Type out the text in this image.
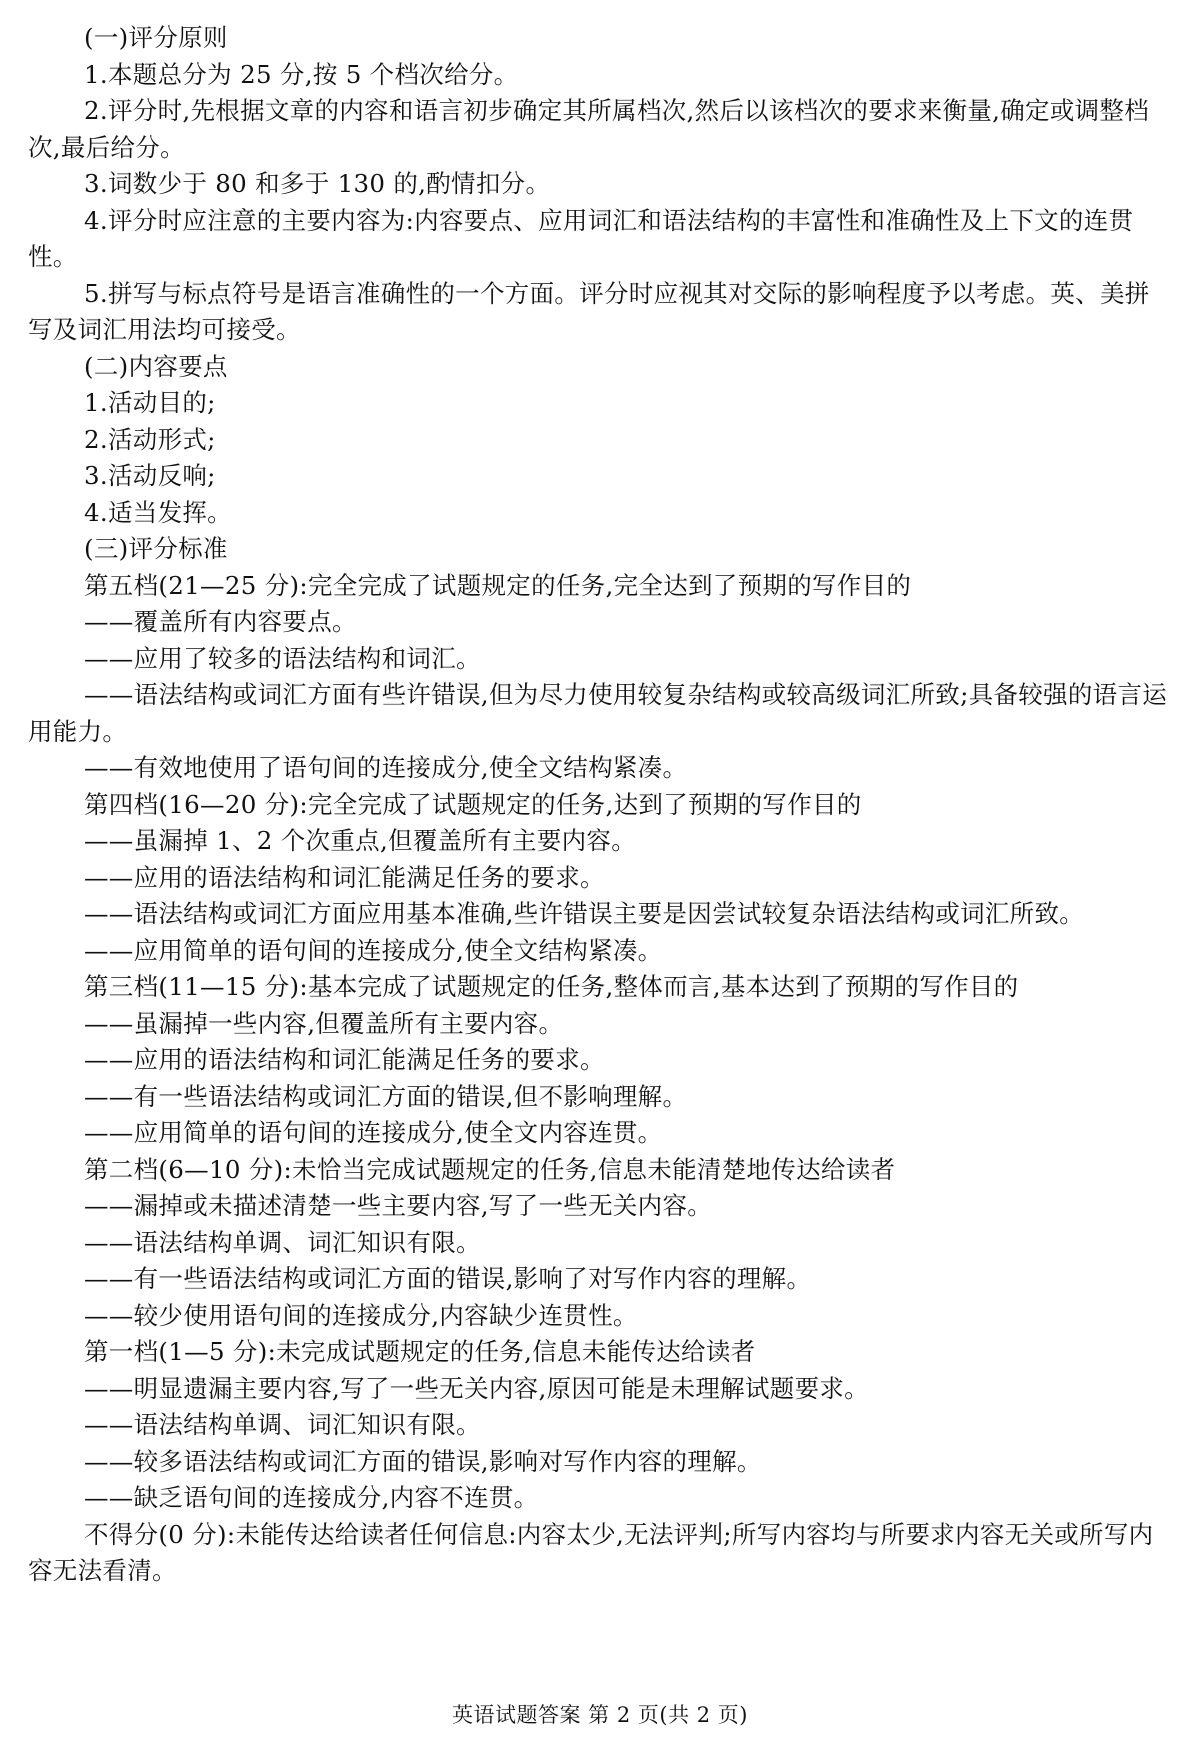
(一)评分原则
1.本题总分为 25 分,按 5 个档次给分。
2.评分时,先根据文章的内容和语言初步确定其所属档次,然后以该档次的要求来衡量,确定或调整档次,最后给分。
3.词数少于 80 和多于 130 的,酌情扣分。
4.评分时应注意的主要内容为:内容要点、应用词汇和语法结构的丰富性和准确性及上下文的连贯性。
5.拼写与标点符号是语言准确性的一个方面。评分时应视其对交际的影响程度予以考虑。英、美拼写及词汇用法均可接受。
(二)内容要点
1.活动目的;
2.活动形式;
3.活动反响;
4.适当发挥。
(三)评分标准
第五档(21—25 分):完全完成了试题规定的任务,完全达到了预期的写作目的
——覆盖所有内容要点。
——应用了较多的语法结构和词汇。
——语法结构或词汇方面有些许错误,但为尽力使用较复杂结构或较高级词汇所致;具备较强的语言运用能力。
——有效地使用了语句间的连接成分,使全文结构紧凑。
第四档(16—20 分):完全完成了试题规定的任务,达到了预期的写作目的
——虽漏掉 1、2 个次重点,但覆盖所有主要内容。
——应用的语法结构和词汇能满足任务的要求。
——语法结构或词汇方面应用基本准确,些许错误主要是因尝试较复杂语法结构或词汇所致。
——应用简单的语句间的连接成分,使全文结构紧凑。
第三档(11—15 分):基本完成了试题规定的任务,整体而言,基本达到了预期的写作目的
——虽漏掉一些内容,但覆盖所有主要内容。
——应用的语法结构和词汇能满足任务的要求。
——有一些语法结构或词汇方面的错误,但不影响理解。
——应用简单的语句间的连接成分,使全文内容连贯。
第二档(6—10 分):未恰当完成试题规定的任务,信息未能清楚地传达给读者
——漏掉或未描述清楚一些主要内容,写了一些无关内容。
——语法结构单调、词汇知识有限。
——有一些语法结构或词汇方面的错误,影响了对写作内容的理解。
——较少使用语句间的连接成分,内容缺少连贯性。
第一档(1—5 分):未完成试题规定的任务,信息未能传达给读者
——明显遗漏主要内容,写了一些无关内容,原因可能是未理解试题要求。
——语法结构单调、词汇知识有限。
——较多语法结构或词汇方面的错误,影响对写作内容的理解。
——缺乏语句间的连接成分,内容不连贯。
不得分(0 分):未能传达给读者任何信息:内容太少,无法评判;所写内容均与所要求内容无关或所写内容无法看清。
英语试题答案 第 2 页(共 2 页)
